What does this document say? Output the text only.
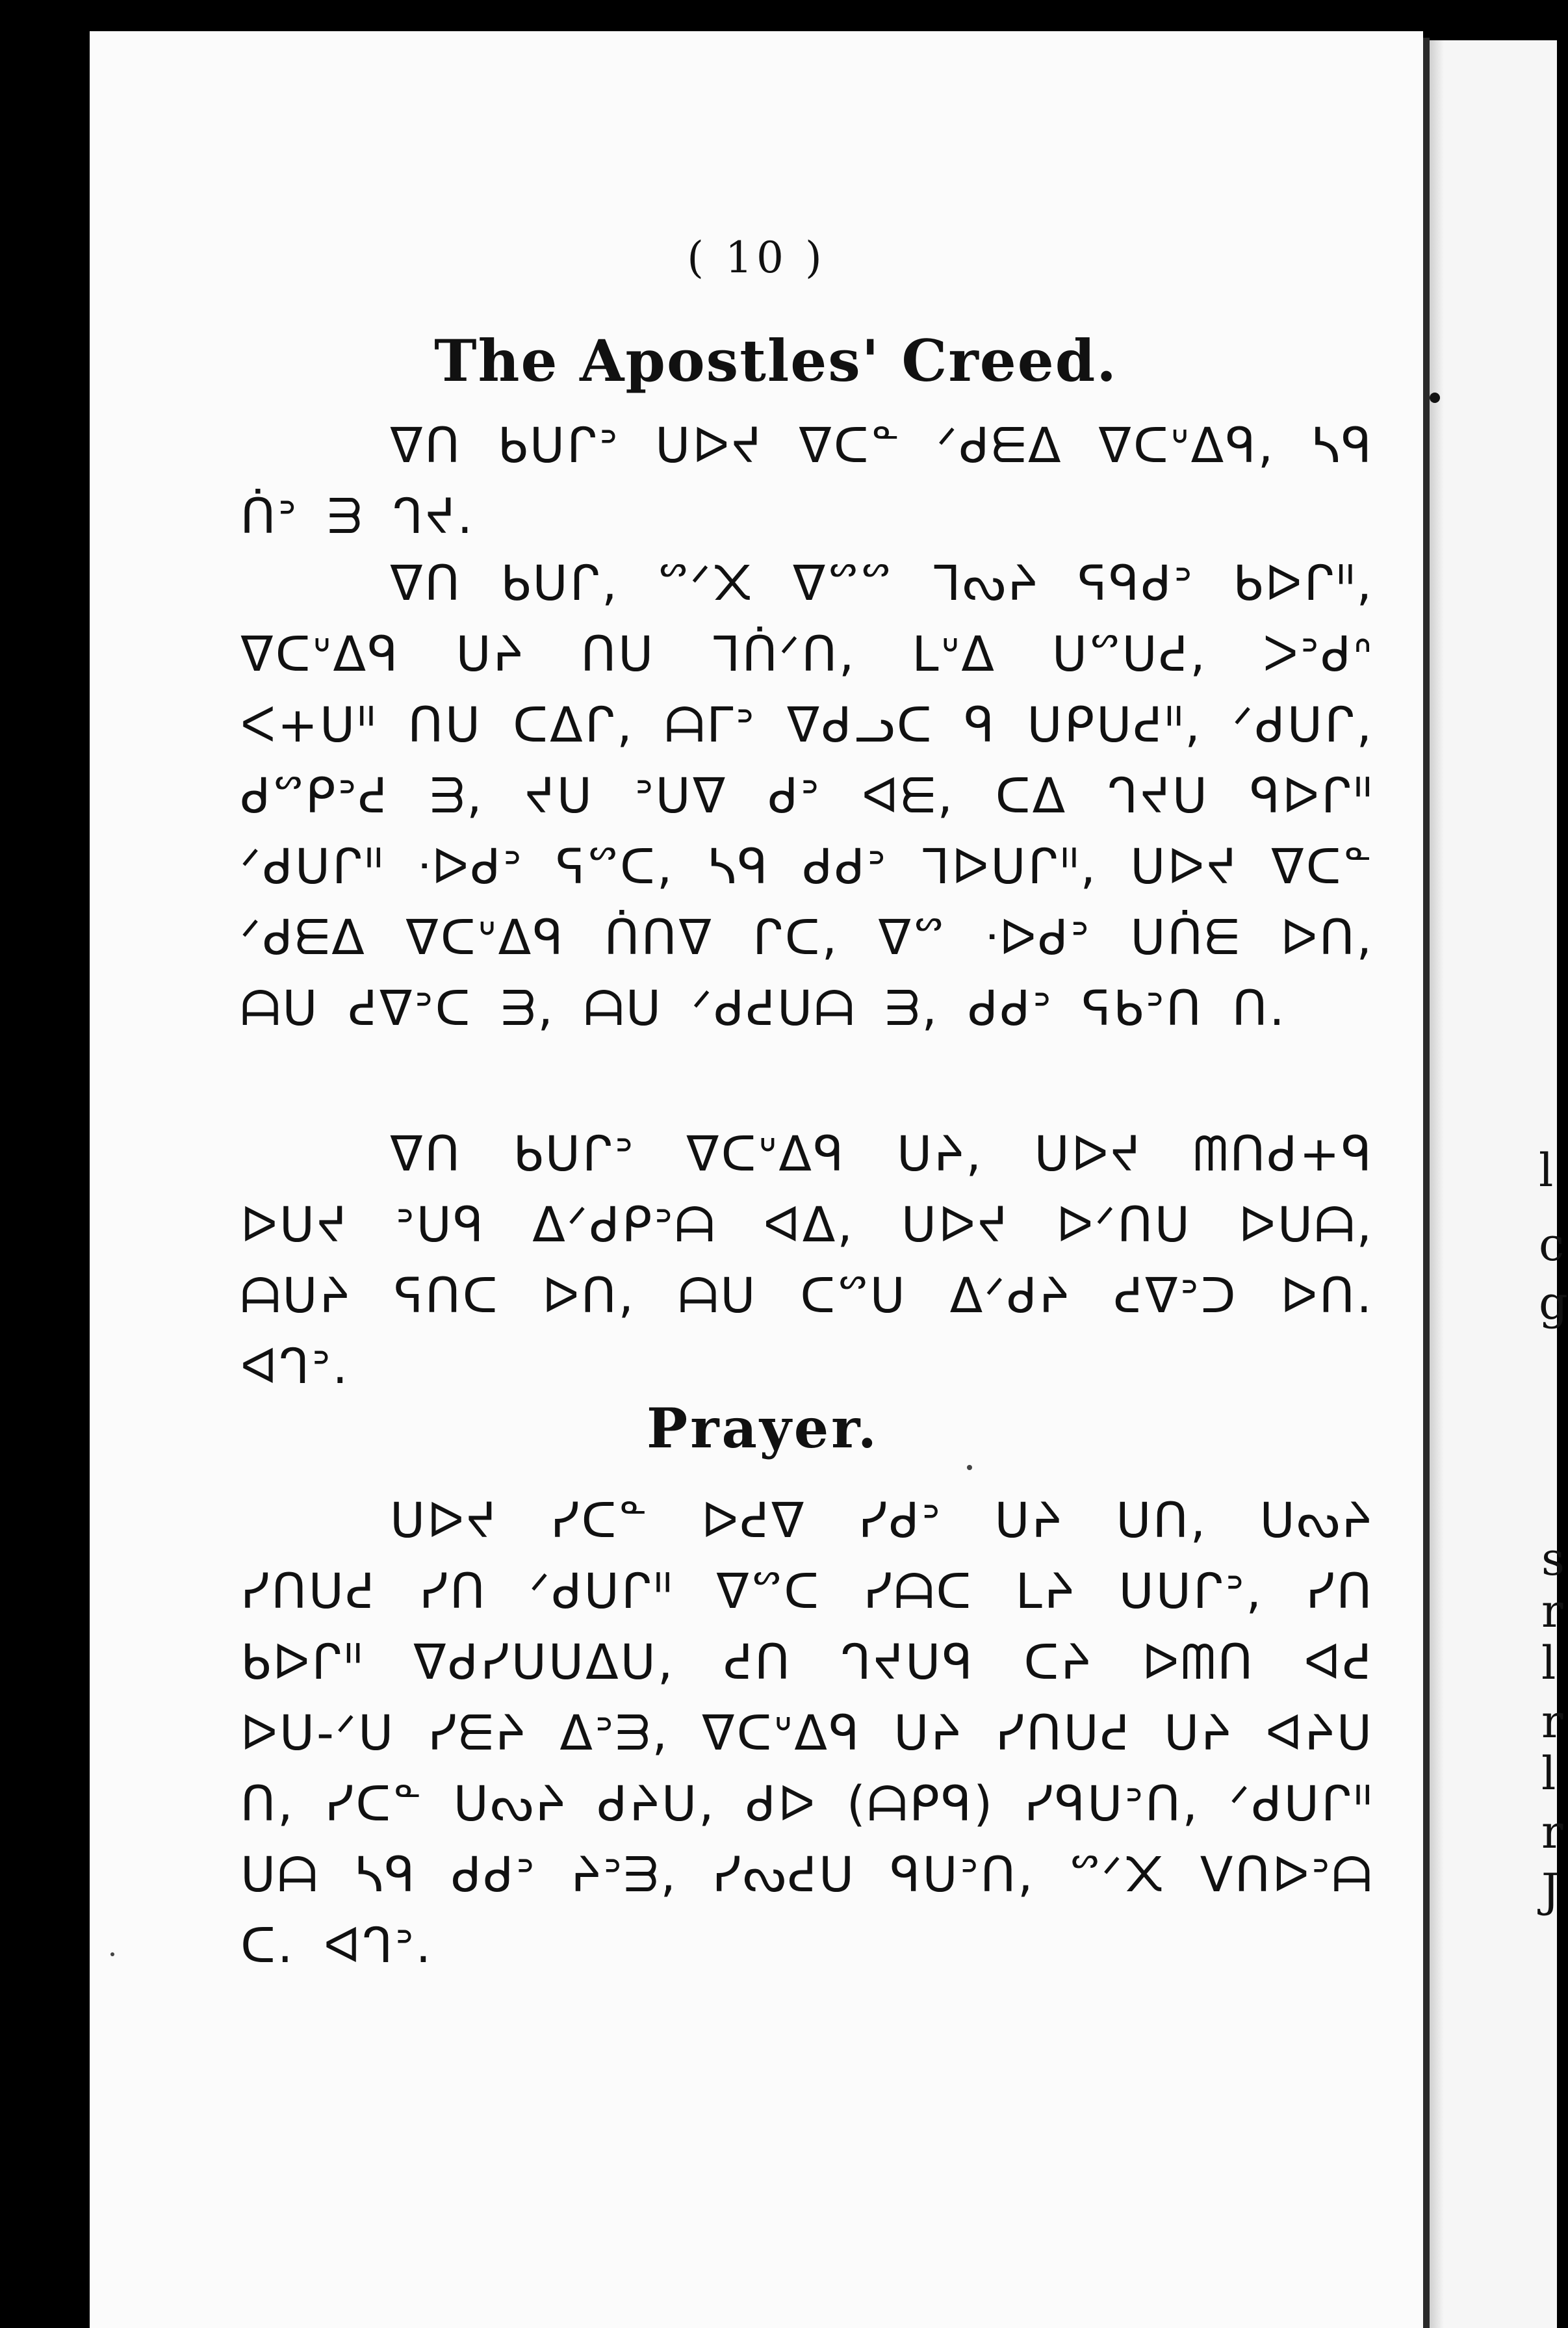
( 10 )
The Apostles' Creed.
ᐁᑎ ᑲᑌᒋᐣ ᑌᐅᔪ ᐁᑕᓐ ᐟᑯᗴᐃ ᐁᑕᐡᐃᑫ, ᓴᑫ ᑏᐣ ᗱ ᒉᔪ.
ᐁᑎ ᑲᑌᒋ, ᔥᐟ᙭ ᐁᔥᔥ ᒣᔓᔨ ᕋᑫᑯᐣ ᑲᐅᒋᐦ, ᐁᑕᐡᐃᑫ ᑌᔨ ᑎᑌ ᒣᑏᐟᑎ, ᒪᐡᐃ ᑌᔥᑌᕍ, ᐳᐣᑯᐢ ᐸ+ᑌᐦ ᑎᑌ ᑕᐃᒋ, ᗩᒥᐣ ᐁᑯᓗᑕ ᑫ ᑌᑭᑌᕍᐦ, ᐟᑯᑌᒋ, ᑯᔥᑭᐣᕍ ᗱ, ᔪᑌ ᐣᑌᐁ ᑯᐣ ᐊᗴ, ᑕᐃ ᒉᔪᑌ ᑫᐅᒋᐦ ᐟᑯᑌᒋᐦ ᐧᐅᑯᐣ ᕋᔥᑕ, ᓴᑫ ᑯᑯᐣ ᒣᐅᑌᒋᐦ, ᑌᐅᔪ ᐁᑕᓐ ᐟᑯᗴᐃ ᐁᑕᐡᐃᑫ ᑏᑎᐁ ᒋᑕ, ᐁᔥ ᐧᐅᑯᐣ ᑌᑏᗴ ᐅᑎ, ᗩᑌ ᕍᐁᐣᑕ ᗱ, ᗩᑌ ᐟᑯᕍᑌᗩ ᗱ, ᑯᑯᐣ ᕋᑲᐣᑎ ᑎ.
ᐁᑎ ᑲᑌᒋᐣ ᐁᑕᐡᐃᑫ ᑌᔨ, ᑌᐅᔪ ᗰᑎᑯ+ᑫ ᐅᑌᔪ ᐣᑌᑫ ᐃᐟᑯᑭᐣᗩ ᐊᐃ, ᑌᐅᔪ ᐅᐟᑎᑌ ᐅᑌᗩ, ᗩᑌᔨ ᕋᑎᑕ ᐅᑎ, ᗩᑌ ᑕᔥᑌ ᐃᐟᑯᔨ ᕍᐁᐣᑐ ᐅᑎ. ᐊᒉᐣ.
Prayer.
ᑌᐅᔪ ᓯᑕᓐ ᐅᕍᐁ ᓯᑯᐣ ᑌᔨ ᑌᑎ, ᑌᔓᔨ ᓯᑎᑌᕍ ᓯᑎ ᐟᑯᑌᒋᐦ ᐁᔥᑕ ᓯᗩᑕ ᒪᔨ ᑌᑌᒋᐣ, ᓯᑎ ᑲᐅᒋᐦ ᐁᑯᓯᑌᑌᐃᑌ, ᕍᑎ ᒉᔪᑌᑫ ᑕᔨ ᐅᗰᑎ ᐊᕍ ᐅᑌ-ᐟᑌ ᓯᗴᔨ ᐃᐣᗱ, ᐁᑕᐡᐃᑫ ᑌᔨ ᓯᑎᑌᕍ ᑌᔨ ᐊᔨᑌ ᑎ, ᓯᑕᓐ ᑌᔓᔨ ᑯᔨᑌ, ᑯᐅ (ᗩᑭᑫ) ᓯᑫᑌᐣᑎ, ᐟᑯᑌᒋᐦ ᑌᗩ ᓴᑫ ᑯᑯᐣ ᔨᐣᗱ, ᓯᔓᕍᑌ ᑫᑌᐣᑎ, ᔥᐟ᙭ ᐯᑎᐅᐣᗩ ᑕ. ᐊᒉᐣ.
l
c
g
s
r
l
r
l
r
J
